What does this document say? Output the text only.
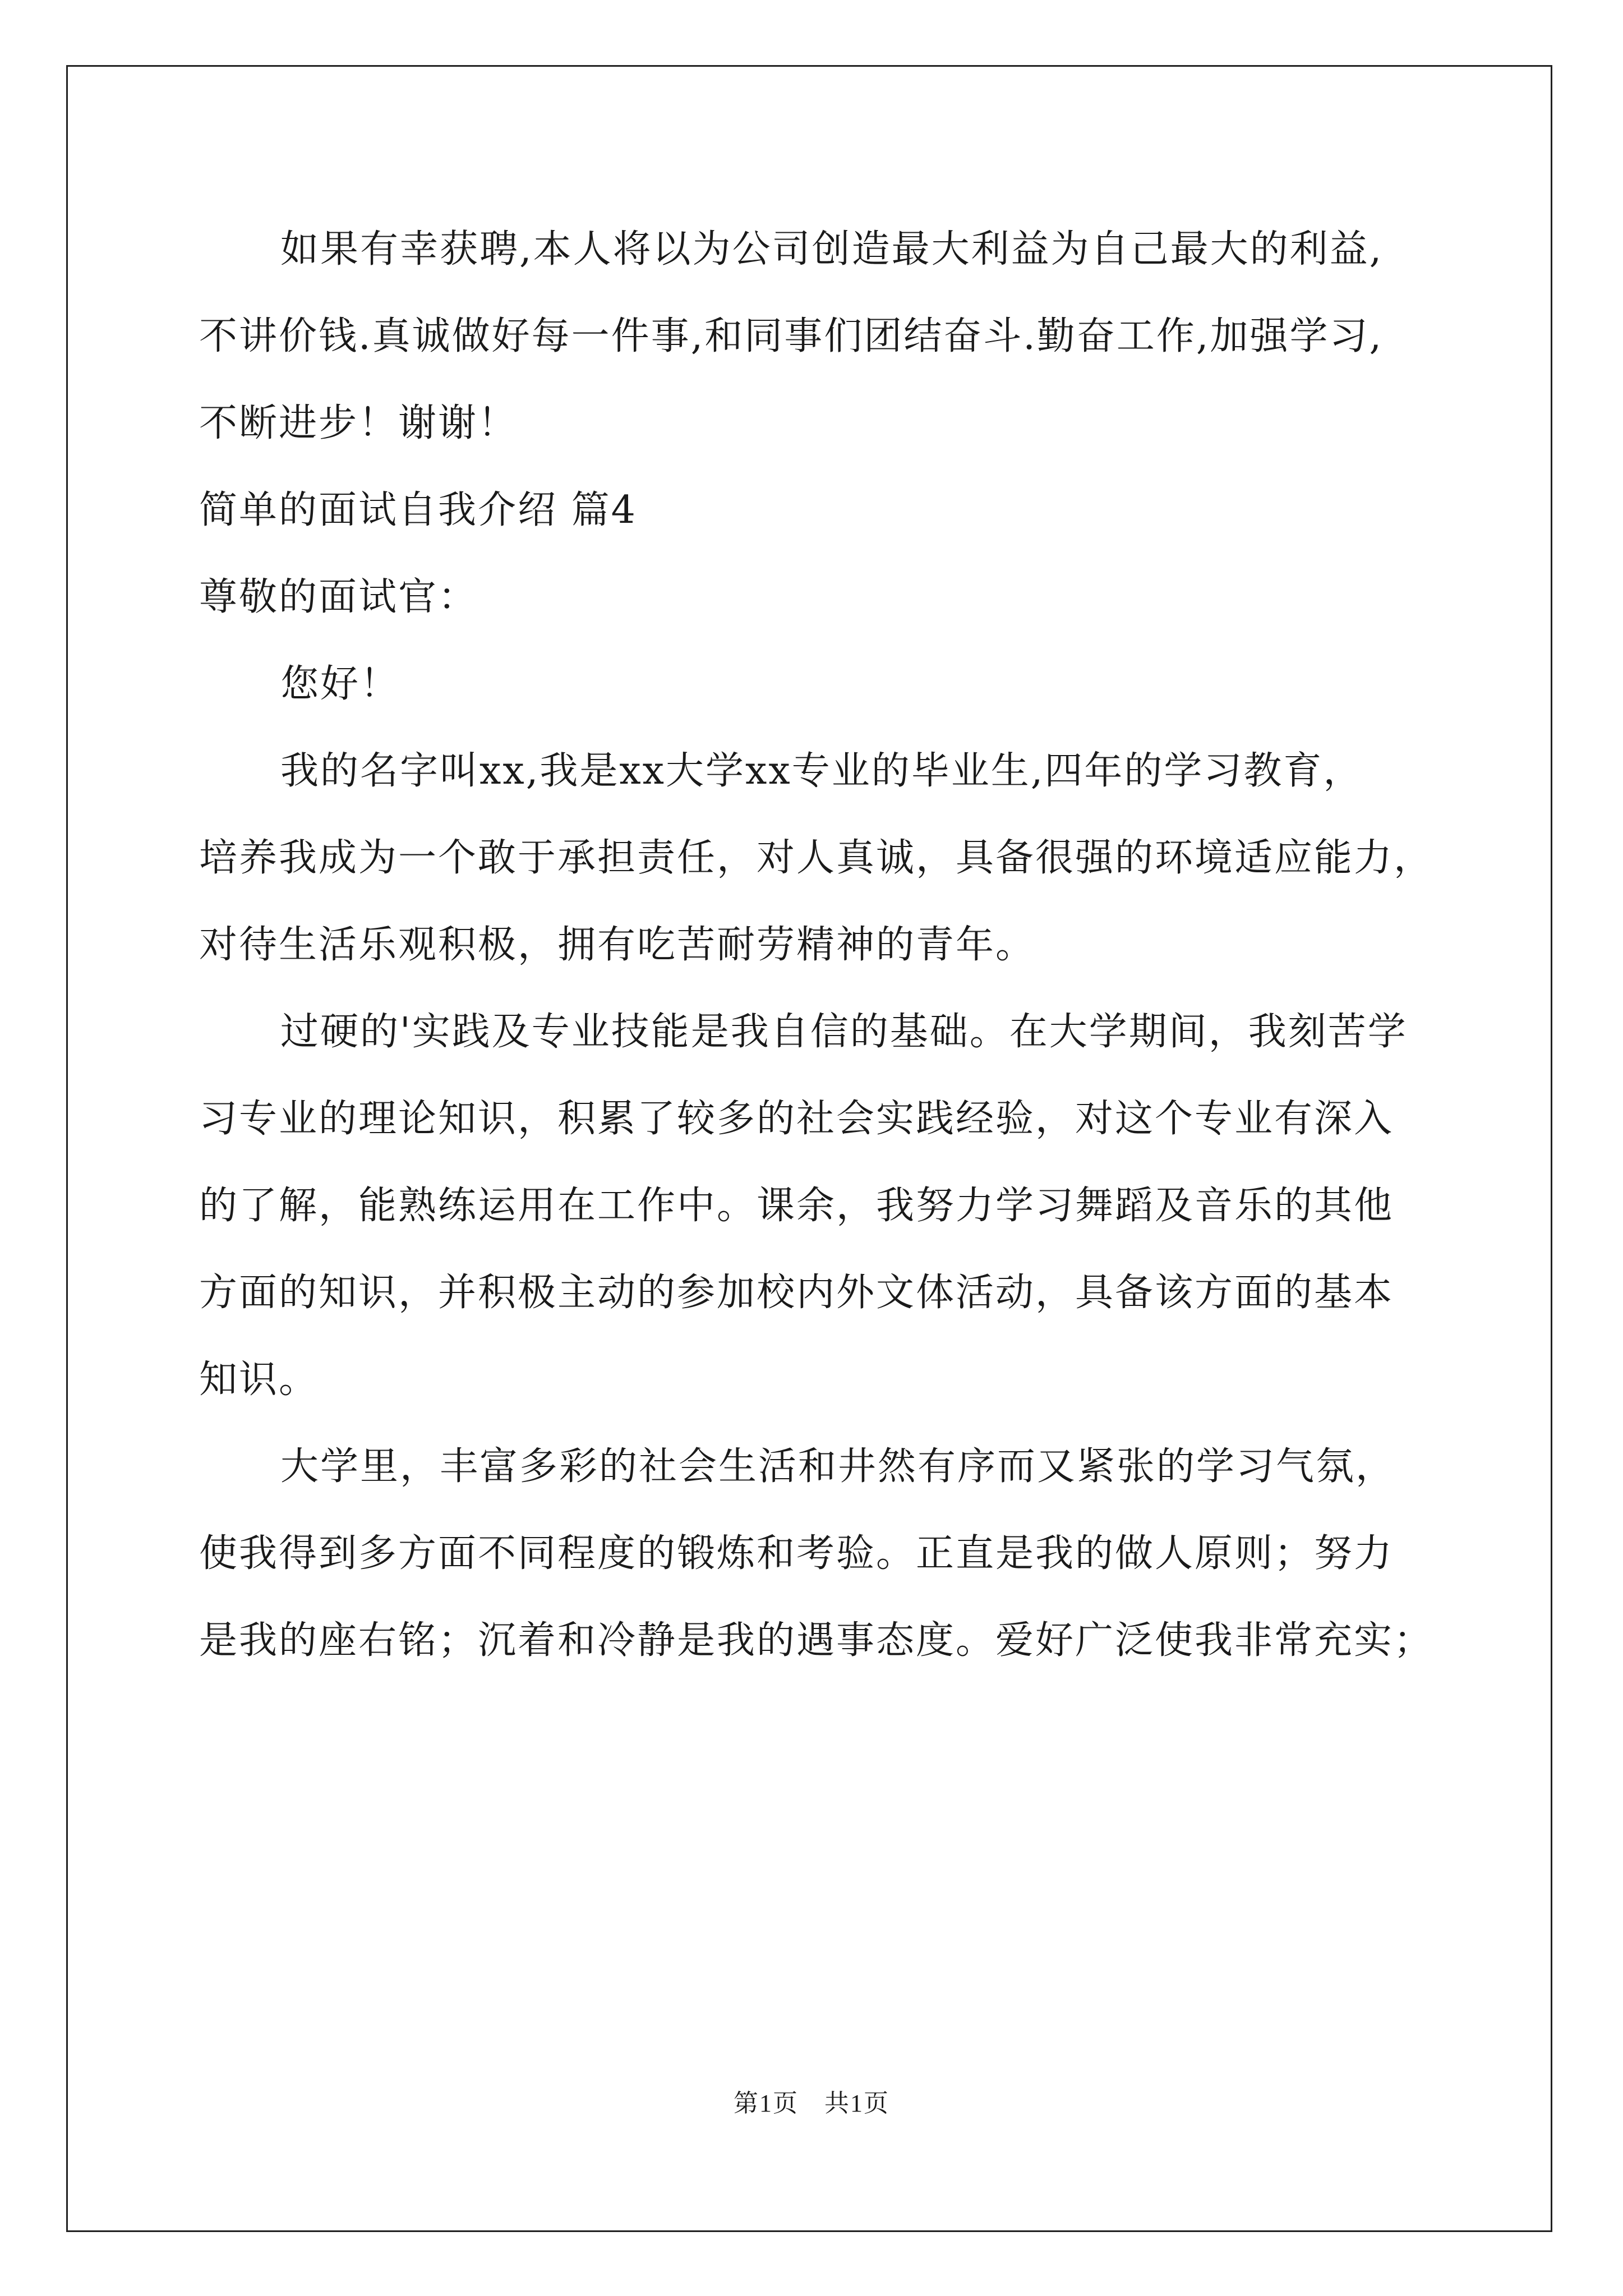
如果有幸获聘,本人将以为公司创造最大利益为自己最大的利益,
不讲价钱.真诚做好每一件事,和同事们团结奋斗.勤奋工作,加强学习,
不断进步！谢谢！
简单的面试自我介绍 篇4
尊敬的面试官：
您好！
我的名字叫xx,我是xx大学xx专业的毕业生,四年的学习教育，
培养我成为一个敢于承担责任，对人真诚，具备很强的环境适应能力，
对待生活乐观积极，拥有吃苦耐劳精神的青年。
过硬的'实践及专业技能是我自信的基础。在大学期间，我刻苦学
习专业的理论知识，积累了较多的社会实践经验，对这个专业有深入
的了解，能熟练运用在工作中。课余，我努力学习舞蹈及音乐的其他
方面的知识，并积极主动的参加校内外文体活动，具备该方面的基本
知识。
大学里，丰富多彩的社会生活和井然有序而又紧张的学习气氛，
使我得到多方面不同程度的锻炼和考验。正直是我的做人原则；努力
是我的座右铭；沉着和冷静是我的遇事态度。爱好广泛使我非常充实；
第1页　共1页
